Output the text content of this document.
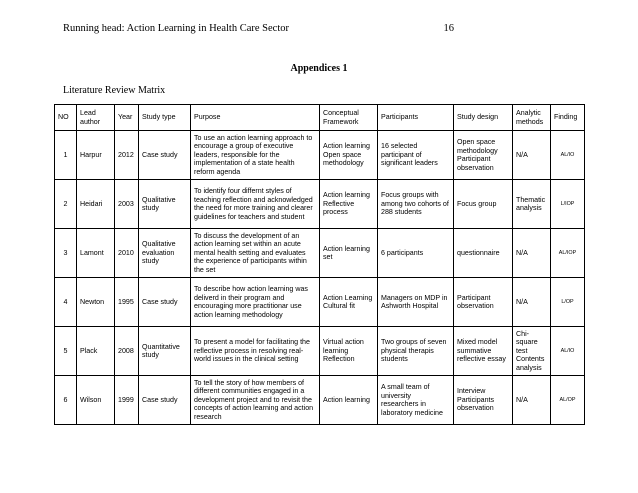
Running head: Action Learning in Health Care Sector	16
Appendices 1
Literature Review Matrix
NO	Lead author	Year	Study type	Purpose	Conceptual Framework	Participants	Study design	Analytic methods	Finding
1	Harpur	2012	Case study	To use an action learning approach to encourage a group of executive leaders, responsible for the implementation of a state health reform agenda	Action learning Open space methodology	16 selected participant of significant leaders	Open space methodology Participant observation	N/A	AL/IO
2	Heidari	2003	Qualitative study	To identify four differnt styles of teaching reflection and acknowledged the need for more training and clearer guidelines for teachers and student	Action learning Reflective process	Focus groups with among two cohorts of 288 students	Focus group	Thematic analysis	L/IOP
3	Lamont	2010	Qualitative evaluation study	To discuss the development of an action learning set within an acute mental health setting and evaluates the experience of participants within the set	Action learning set	6 participants	questionnaire	N/A	AL/IOP
4	Newton	1995	Case study	To describe how action learning was deliverd in their program and encouraging more practitionar use action learning methodology	Action Learning Cultural fit	Managers on MDP in Ashworth Hospital	Participant observation	N/A	L/OP
5	Plack	2008	Quantitative study	To present a model for facilitating the reflective process in resolving real-world issues in the clinical setting	Virtual action learning Reflection	Two groups of seven physical therapis students	Mixed model summative reflective essay	Chi-square test Contents analysis	AL/IO
6	Wilson	1999	Case study	To tell the story of how members of different communities engaged in a development project and to revisit the concepts of action learning and action research	Action learning	A small team of university researchers in laboratory medicine	Interview Participants observation	N/A	AL/OP
